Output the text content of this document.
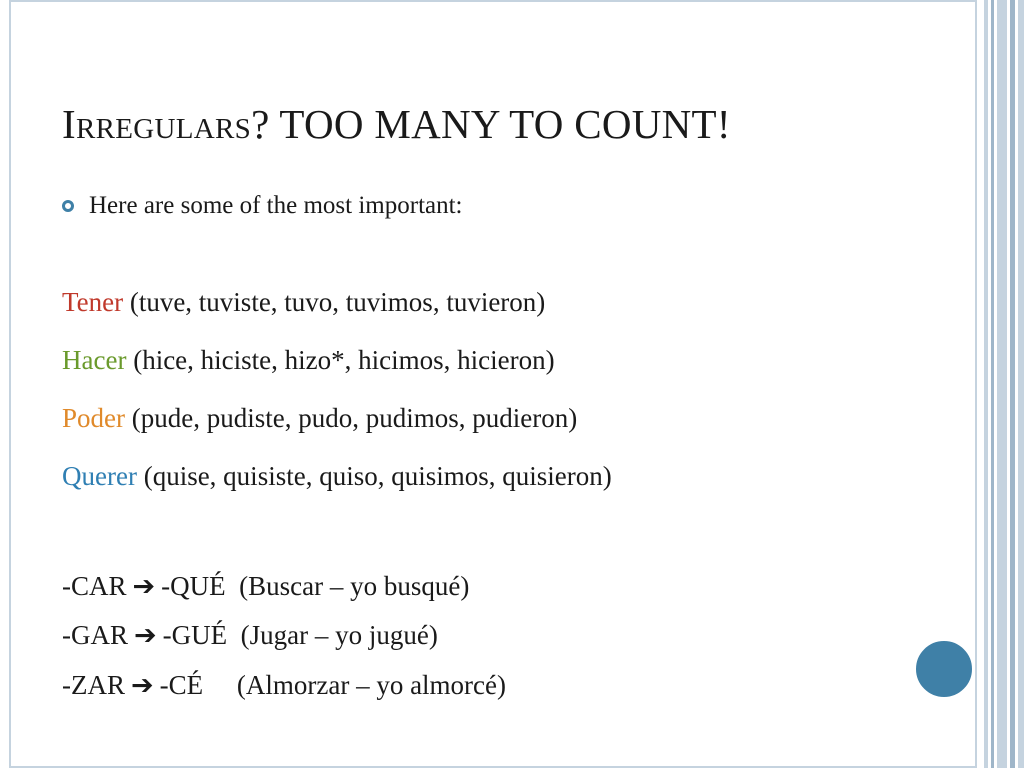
Irregulars? TOO MANY TO COUNT!
Here are some of the most important:
Tener (tuve, tuviste, tuvo, tuvimos, tuvieron)
Hacer (hice, hiciste, hizo*, hicimos, hicieron)
Poder (pude, pudiste, pudo, pudimos, pudieron)
Querer (quise, quisiste, quiso, quisimos, quisieron)
-CAR ➔ -QUÉ (Buscar – yo busqué)
-GAR ➔ -GUÉ (Jugar – yo jugué)
-ZAR ➔ -CÉ (Almorzar – yo almorcé)
